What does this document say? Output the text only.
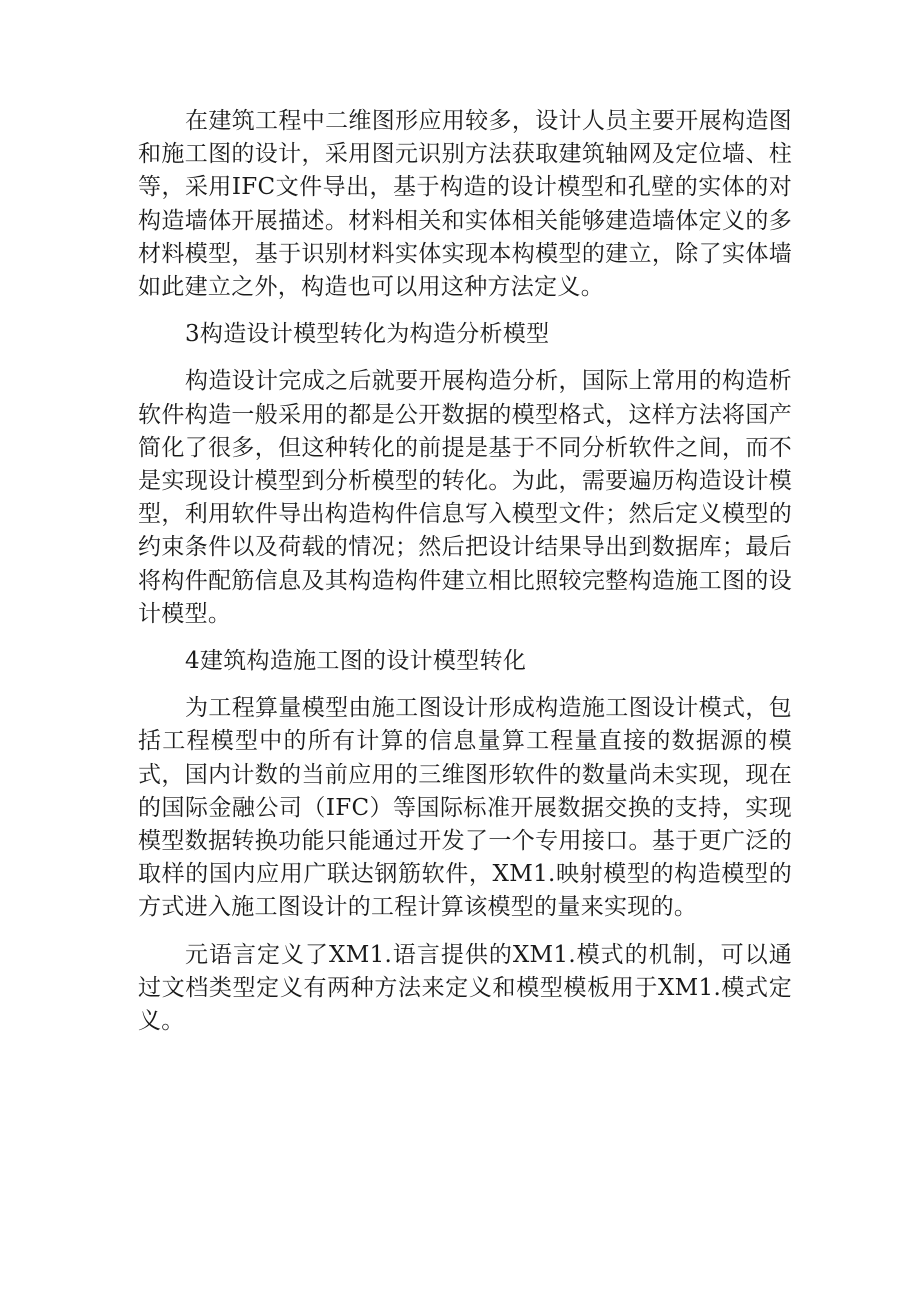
在建筑工程中二维图形应用较多，设计人员主要开展构造图和施工图的设计，采用图元识别方法获取建筑轴网及定位墙、柱等，采用IFC文件导出，基于构造的设计模型和孔壁的实体的对构造墙体开展描述。材料相关和实体相关能够建造墙体定义的多材料模型，基于识别材料实体实现本构模型的建立，除了实体墙如此建立之外，构造也可以用这种方法定义。

3构造设计模型转化为构造分析模型

构造设计完成之后就要开展构造分析，国际上常用的构造析软件构造一般采用的都是公开数据的模型格式，这样方法将国产简化了很多，但这种转化的前提是基于不同分析软件之间，而不是实现设计模型到分析模型的转化。为此，需要遍历构造设计模型，利用软件导出构造构件信息写入模型文件；然后定义模型的约束条件以及荷载的情况；然后把设计结果导出到数据库；最后将构件配筋信息及其构造构件建立相比照较完整构造施工图的设计模型。

4建筑构造施工图的设计模型转化

为工程算量模型由施工图设计形成构造施工图设计模式，包括工程模型中的所有计算的信息量算工程量直接的数据源的模式，国内计数的当前应用的三维图形软件的数量尚未实现，现在的国际金融公司（IFC）等国际标准开展数据交换的支持，实现模型数据转换功能只能通过开发了一个专用接口。基于更广泛的取样的国内应用广联达钢筋软件，XM1.映射模型的构造模型的方式进入施工图设计的工程计算该模型的量来实现的。

元语言定义了XM1.语言提供的XM1.模式的机制，可以通过文档类型定义有两种方法来定义和模型模板用于XM1.模式定义。
